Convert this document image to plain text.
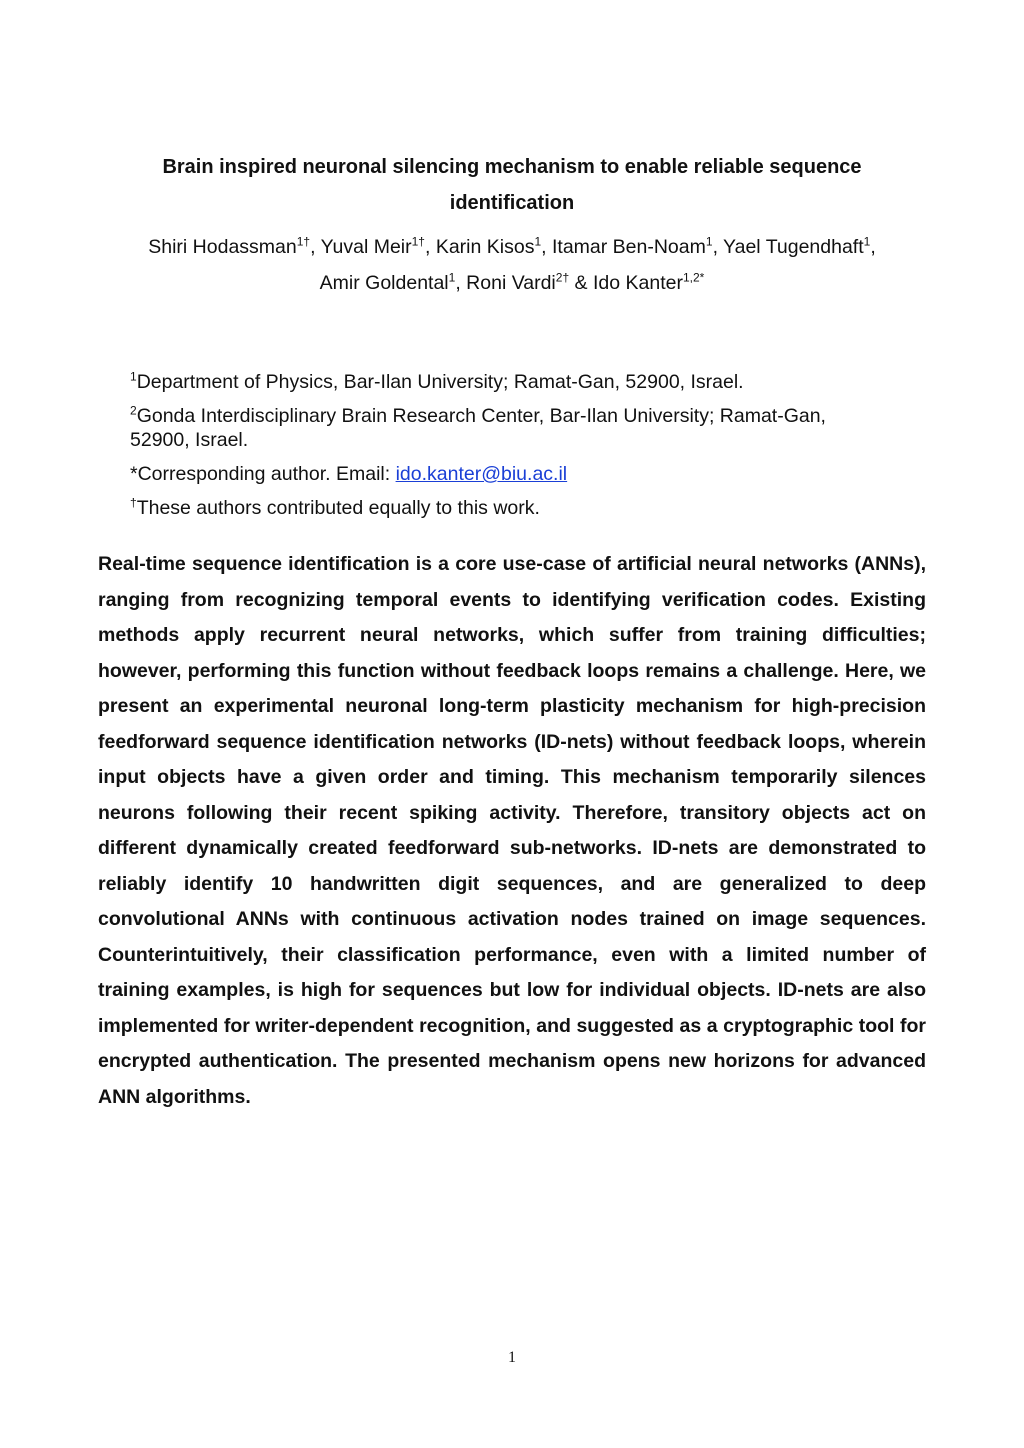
Brain inspired neuronal silencing mechanism to enable reliable sequence
identification
Shiri Hodassman$^{1\dagger}$, Yuval Meir$^{1\dagger}$, Karin Kisos$^1$, Itamar Ben-Noam$^1$, Yael Tugendhaft$^1$,
Amir Goldental$^1$, Roni Vardi$^{2\dagger}$ & Ido Kanter$^{1,2*}$
$^1$Department of Physics, Bar-Ilan University; Ramat-Gan, 52900, Israel.
$^2$Gonda Interdisciplinary Brain Research Center, Bar-Ilan University; Ramat-Gan, 52900, Israel.
*Corresponding author. Email: ido.kanter@biu.ac.il
†These authors contributed equally to this work.

Real-time sequence identification is a core use-case of artificial neural networks (ANNs), ranging from recognizing temporal events to identifying verification codes. Existing methods apply recurrent neural networks, which suffer from training difficulties; however, performing this function without feedback loops remains a challenge. Here, we present an experimental neuronal long-term plasticity mechanism for high-precision feedforward sequence identification networks (ID-nets) without feedback loops, wherein input objects have a given order and timing. This mechanism temporarily silences neurons following their recent spiking activity. Therefore, transitory objects act on different dynamically created feedforward sub-networks. ID-nets are demonstrated to reliably identify 10 handwritten digit sequences, and are generalized to deep convolutional ANNs with continuous activation nodes trained on image sequences. Counterintuitively, their classification performance, even with a limited number of training examples, is high for sequences but low for individual objects. ID-nets are also implemented for writer-dependent recognition, and suggested as a cryptographic tool for encrypted authentication. The presented mechanism opens new horizons for advanced ANN algorithms.

1
